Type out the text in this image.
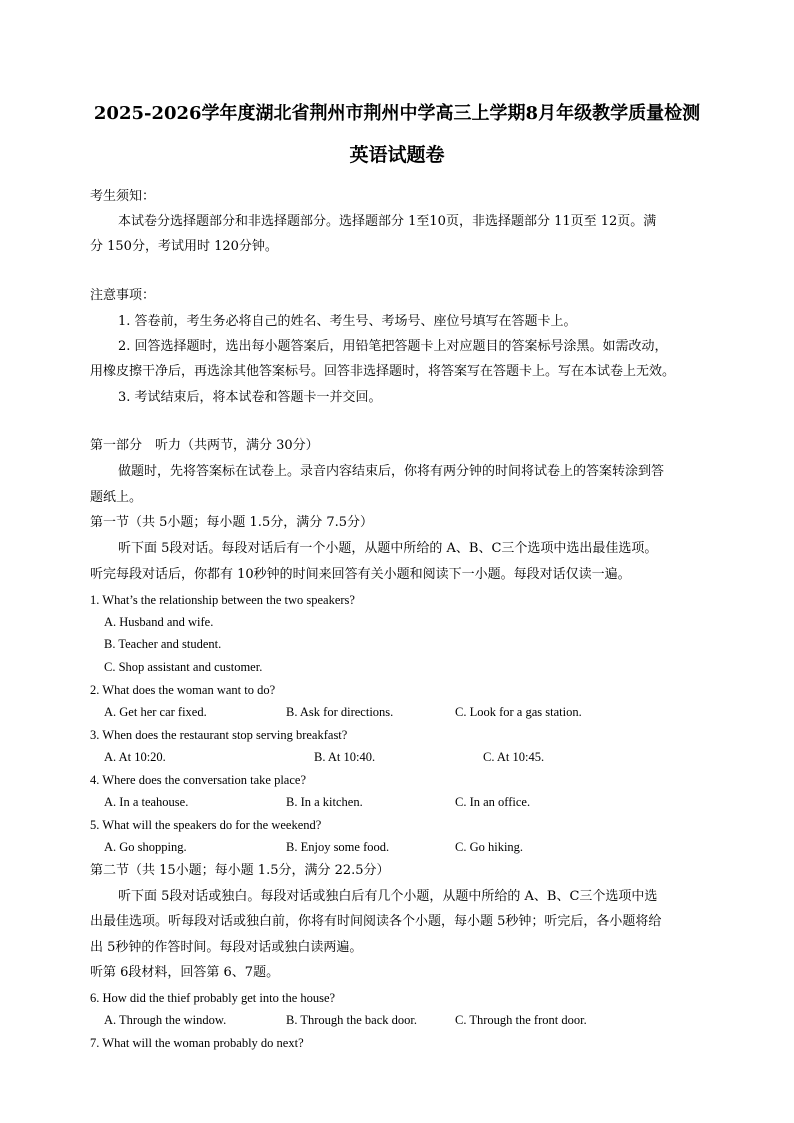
2025-2026学年度湖北省荆州市荆州中学高三上学期8月年级教学质量检测
英语试题卷
考生须知：
本试卷分选择题部分和非选择题部分。选择题部分 1至10页，非选择题部分 11页至 12页。满
分 150分，考试用时 120分钟。
注意事项：
1. 答卷前，考生务必将自己的姓名、考生号、考场号、座位号填写在答题卡上。
2. 回答选择题时，选出每小题答案后，用铅笔把答题卡上对应题目的答案标号涂黑。如需改动，
用橡皮擦干净后，再选涂其他答案标号。回答非选择题时，将答案写在答题卡上。写在本试卷上无效。
3. 考试结束后，将本试卷和答题卡一并交回。
第一部分　听力（共两节，满分 30分）
做题时，先将答案标在试卷上。录音内容结束后，你将有两分钟的时间将试卷上的答案转涂到答
题纸上。
第一节（共 5小题；每小题 1.5分，满分 7.5分）
听下面 5段对话。每段对话后有一个小题，从题中所给的 A、B、C三个选项中选出最佳选项。
听完每段对话后，你都有 10秒钟的时间来回答有关小题和阅读下一小题。每段对话仅读一遍。
1. What’s the relationship between the two speakers?
A. Husband and wife.
B. Teacher and student.
C. Shop assistant and customer.
2. What does the woman want to do?
A. Get her car fixed.	B. Ask for directions.	C. Look for a gas station.
3. When does the restaurant stop serving breakfast?
A. At 10:20.	B. At 10:40.	C. At 10:45.
4. Where does the conversation take place?
A. In a teahouse.	B. In a kitchen.	C. In an office.
5. What will the speakers do for the weekend?
A. Go shopping.	B. Enjoy some food.	C. Go hiking.
第二节（共 15小题；每小题 1.5分，满分 22.5分）
听下面 5段对话或独白。每段对话或独白后有几个小题，从题中所给的 A、B、C三个选项中选
出最佳选项。听每段对话或独白前，你将有时间阅读各个小题，每小题 5秒钟；听完后，各小题将给
出 5秒钟的作答时间。每段对话或独白读两遍。
听第 6段材料，回答第 6、7题。
6. How did the thief probably get into the house?
A. Through the window.	B. Through the back door.	C. Through the front door.
7. What will the woman probably do next?
